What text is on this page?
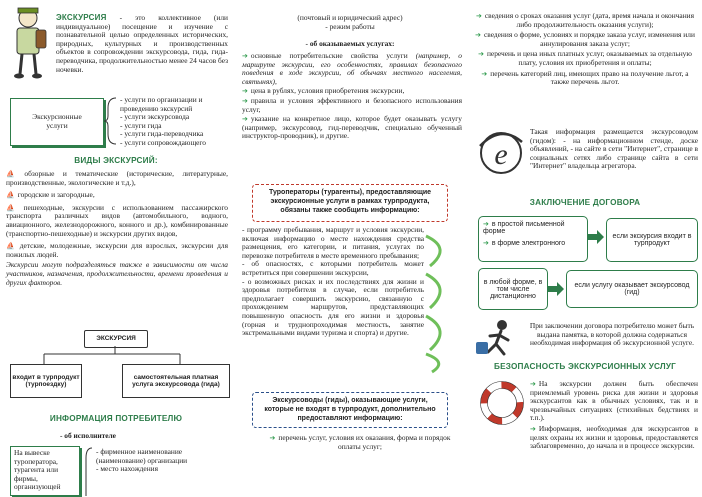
ЭКСКУРСИЯ - это коллективное (или индивидуальное) посещение и изучение с познавательной целью определенных исторических, природных, культурных и производственных объектов в сопровождении экскурсовода, гида, гида-переводчика, продолжительностью менее 24 часов без ночевки.
Экскурсионные услуги
- услуги по организации и проведению экскурсий
- услуги экскурсовода
- услуги гида
- услуги гида-переводчика
- услуги сопровождающего
ВИДЫ ЭКСКУРСИЙ:
⛵ обзорные и тематические (исторические, литературные, производственные, экологические и т.д.),
⛵ городские и загородные,
⛵ пешеходные, экскурсии с использованием пассажирского транспорта различных видов (автомобильного, водного, авиационного, железнодорожного, конного и др.), комбинированные (транспортно-пешеходные) и экскурсии других видов,
⛵ детские, молодежные, экскурсии для взрослых, экскурсии для пожилых людей.
Экскурсии могут подразделяться также в зависимости от числа участников, назначения, продолжительности, времени проведения и других факторов.
ЭКСКУРСИЯ
входит в турпродукт (турпоездку)
самостоятельная платная услуга экскурсовода (гида)
ИНФОРМАЦИЯ ПОТРЕБИТЕЛЮ
- об исполнителе
На вывеске туроператора, турагента или фирмы, организующей
- фирменное наименование (наименование) организации
- место нахождения
(почтовый и юридический адрес)
- режим работы
- об оказываемых услугах:
➔ основные потребительские свойства услуги (например, о маршруте экскурсии, его особенностях, правилах безопасного поведения в ходе экскурсии, об обычаях местного населения, святынях),
➔ цена в рублях, условия приобретения экскурсии,
➔ правила и условия эффективного и безопасного использования услуг,
➔ указание на конкретное лицо, которое будет оказывать услугу (например, экскурсовод, гид-переводчик, специально обученный инструктор-проводник), и другие.
Туроператоры (турагенты), предоставляющие экскурсионные услуги в рамках турпродукта, обязаны также сообщить информацию:
- программу пребывания, маршрут и условия экскурсии, включая информацию о месте нахождения средства размещения, его категории, и питания, услугах по перевозке потребителя в месте временного пребывания;
- об опасностях, с которыми потребитель может встретиться при совершении экскурсии,
- о возможных рисках и их последствиях для жизни и здоровья потребителя в случае, если потребитель предполагает совершить экскурсию, связанную с прохождением маршрутов, представляющих повышенную опасность для его жизни и здоровья (горная и труднопроходимая местность, занятие экстремальными видами туризма и спорта) и другие.
Экскурсоводы (гиды), оказывающие услуги, которые не входят в турпродукт, дополнительно предоставляют информацию:
➔ перечень услуг, условия их оказания, форма и порядок оплаты услуг;
➔ сведения о сроках оказания услуг (дата, время начала и окончания либо продолжительность оказания услуги);
➔ сведения о форме, условиях и порядке заказа услуг, изменения или аннулирования заказа услуг;
➔ перечень и цена иных платных услуг, оказываемых за отдельную плату, условия их приобретения и оплаты;
➔ перечень категорий лиц, имеющих право на получение льгот, а также перечень льгот.
e
Такая информация размещается экскурсоводом (гидом): - на информационном стенде, доске объявлений, - на сайте в сети "Интернет", странице в социальных сетях либо странице сайта в сети "Интернет" владельца агрегатора.
ЗАКЛЮЧЕНИЕ ДОГОВОРА
➔ в простой письменной форме
➔ в форме электронного
если экскурсия входит в турпродукт
в любой форме, в том числе дистанционно
если услугу оказывает экскурсовод (гид)
При заключении договора потребителю может быть выдана памятка, в которой должна содержаться необходимая информация об экскурсионной услуге.
БЕЗОПАСНОСТЬ ЭКСКУРСИОННЫХ УСЛУГ
➔ На экскурсии должен быть обеспечен приемлемый уровень риска для жизни и здоровья экскурсантов как в обычных условиях, так и в чрезвычайных ситуациях (стихийных бедствиях и т.п.).
➔ Информация, необходимая для экскурсантов в целях охраны их жизни и здоровья, предоставляется заблаговременно, до начала и в процессе экскурсии.
